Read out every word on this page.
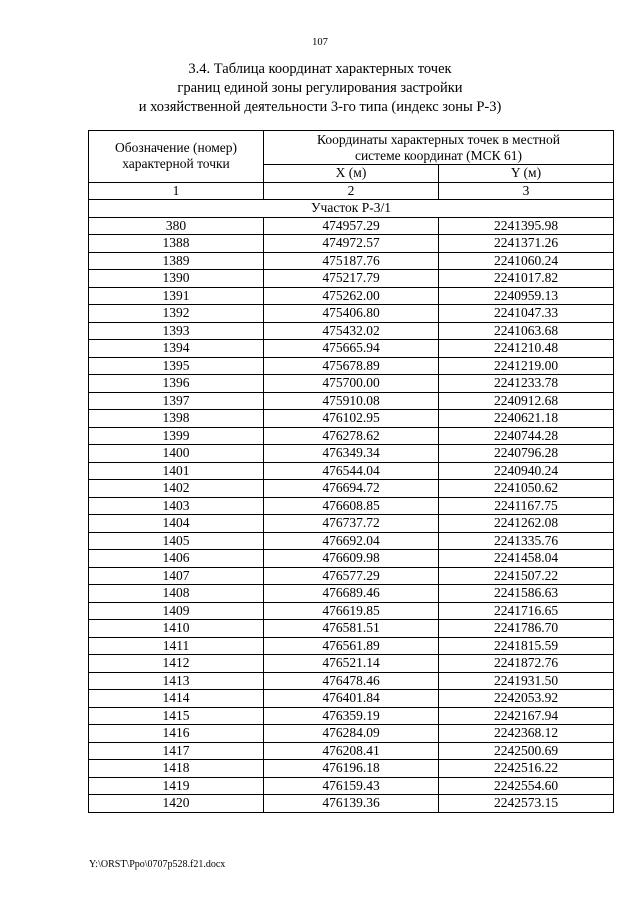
107
3.4. Таблица координат характерных точек
границ единой зоны регулирования застройки
и хозяйственной деятельности 3-го типа (индекс зоны Р-3)
Обозначение (номер) характерной точки	Координаты характерных точек в местной системе координат (МСК 61)	

	X (м)	Y (м)
1	2	3
Участок Р-3/1		
380	474957.29	2241395.98
1388	474972.57	2241371.26
1389	475187.76	2241060.24
1390	475217.79	2241017.82
1391	475262.00	2240959.13
1392	475406.80	2241047.33
1393	475432.02	2241063.68
1394	475665.94	2241210.48
1395	475678.89	2241219.00
1396	475700.00	2241233.78
1397	475910.08	2240912.68
1398	476102.95	2240621.18
1399	476278.62	2240744.28
1400	476349.34	2240796.28
1401	476544.04	2240940.24
1402	476694.72	2241050.62
1403	476608.85	2241167.75
1404	476737.72	2241262.08
1405	476692.04	2241335.76
1406	476609.98	2241458.04
1407	476577.29	2241507.22
1408	476689.46	2241586.63
1409	476619.85	2241716.65
1410	476581.51	2241786.70
1411	476561.89	2241815.59
1412	476521.14	2241872.76
1413	476478.46	2241931.50
1414	476401.84	2242053.92
1415	476359.19	2242167.94
1416	476284.09	2242368.12
1417	476208.41	2242500.69
1418	476196.18	2242516.22
1419	476159.43	2242554.60
1420	476139.36	2242573.15
Y:\ORST\Ppo\0707p528.f21.docx
